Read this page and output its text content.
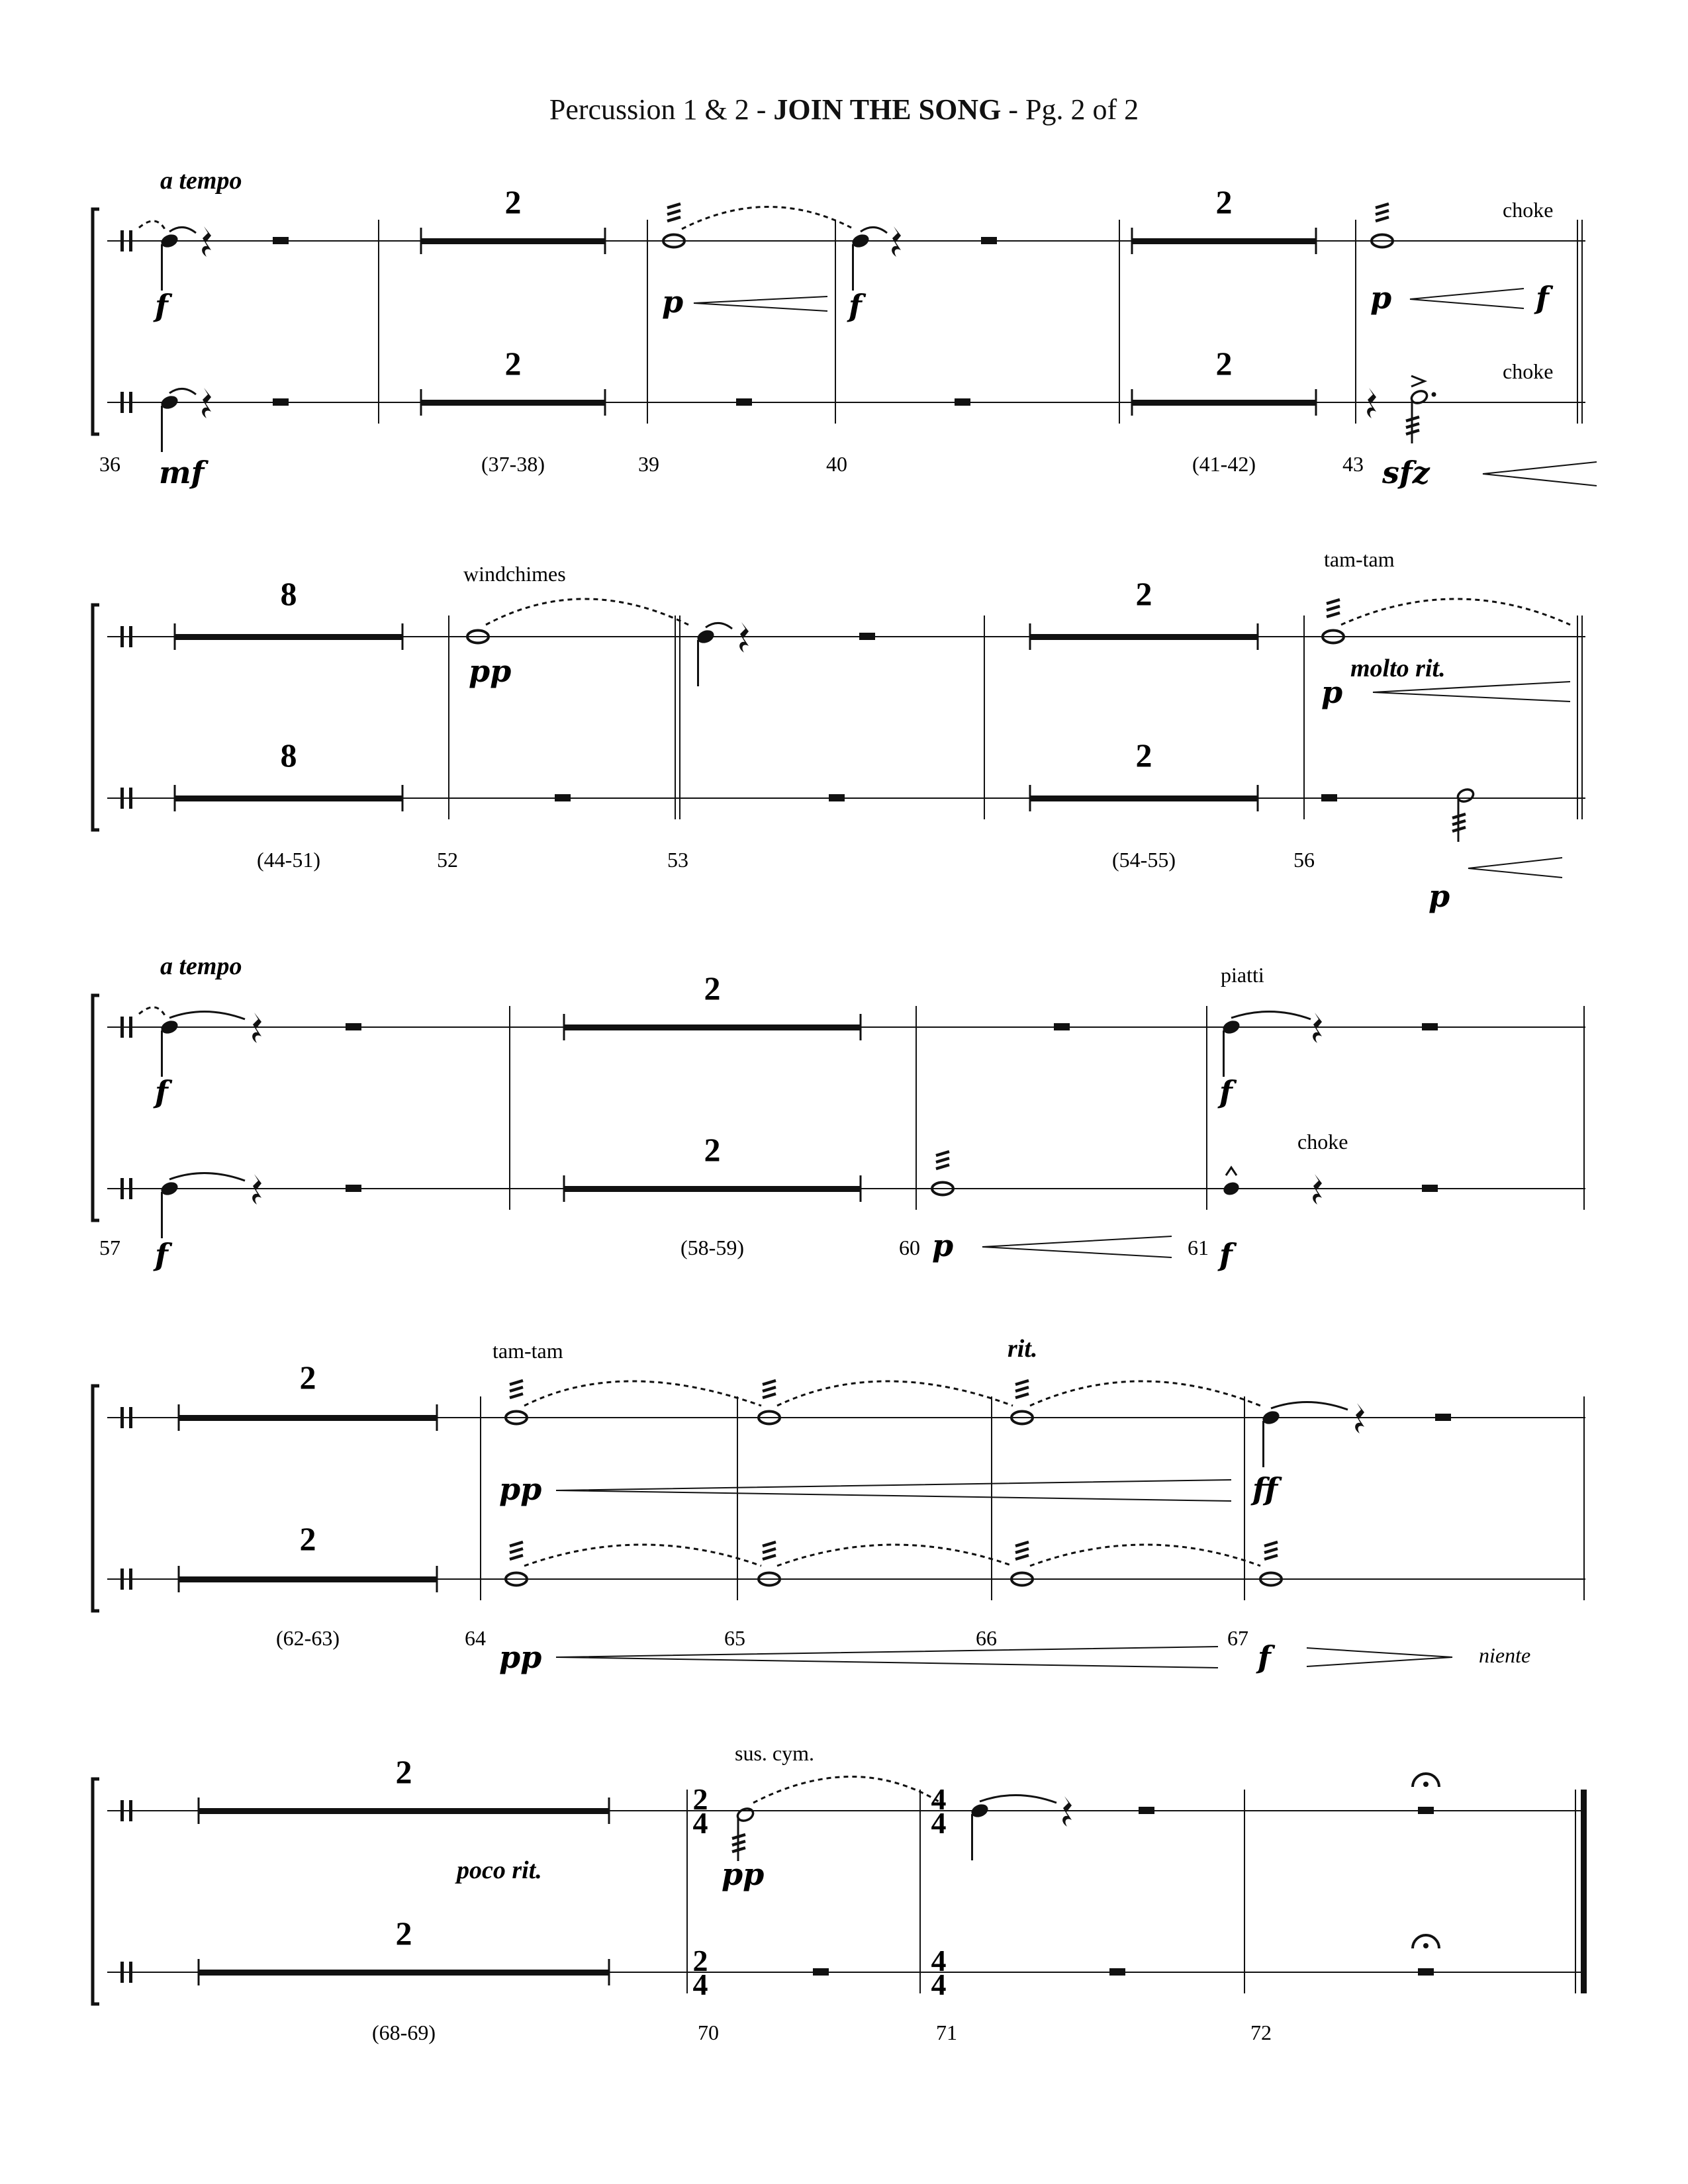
Percussion 1 & 2 - JOIN THE SONG - Pg. 2 of 2
a tempo
f
mf
36
2
2
(37-38)
p
39
f
40
2
2
(41-42)
choke
p	f
choke
sfz
43
8
8
(44-51)
windchimes
pp
52	53
2
2
(54-55)
tam-tam
molto rit.
p
p
56
a tempo
f
f
57
2
2
(58-59)	p
60
piatti
f
choke
f
61
2
2
(62-63)
tam-tam	rit.
pp	ff
pp	f	niente
64	65	66	67
2
2
poco rit.
(68-69)
sus. cym.
2
4
2
4
pp
70
4
4
4
4
71	72
